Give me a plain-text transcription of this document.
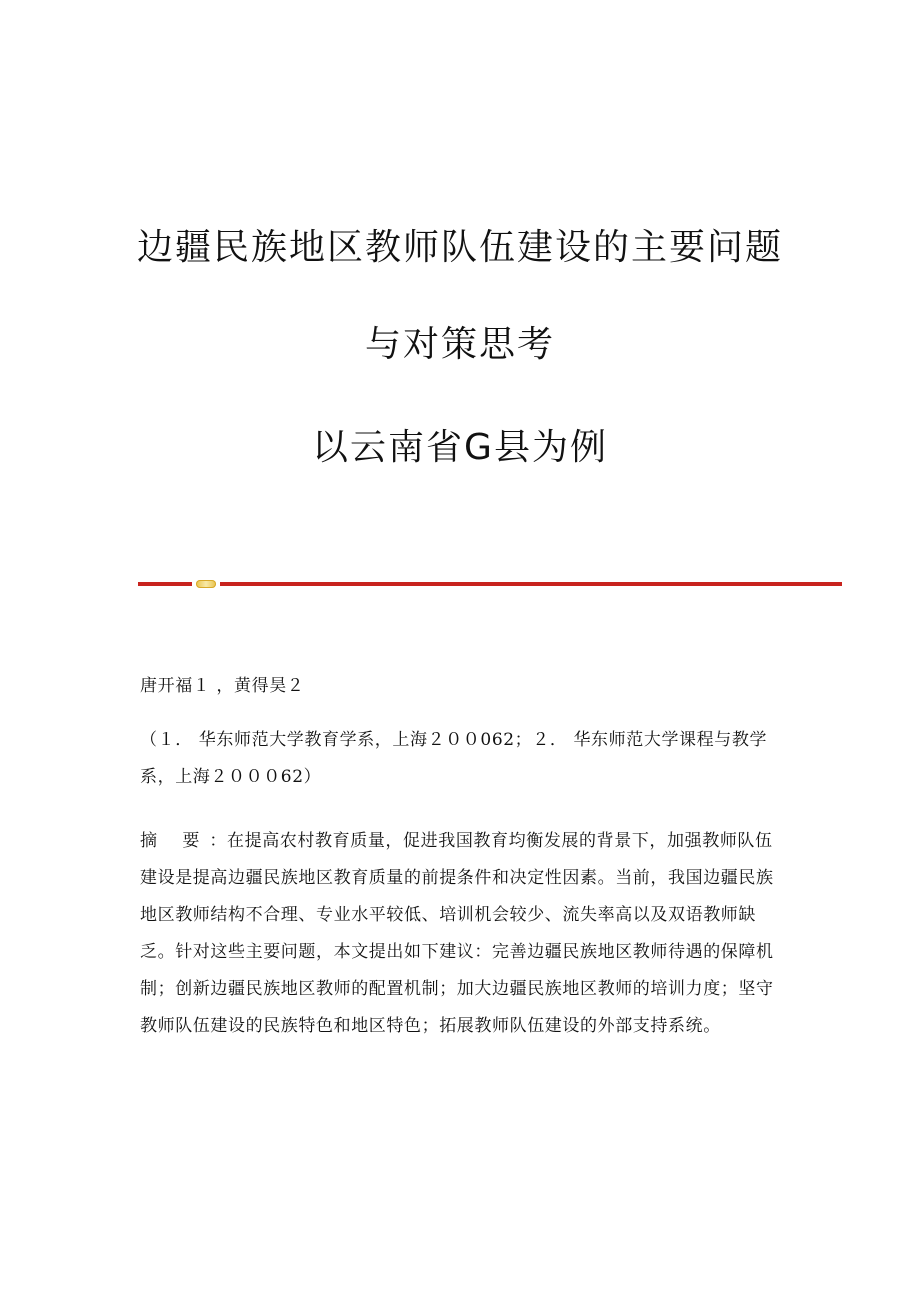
边疆民族地区教师队伍建设的主要问题
与对策思考
以云南省G县为例

唐开福１ ，黄得昊２

（１． 华东师范大学教育学系，上海２００062；２． 华东师范大学课程与教学系，上海２０００62）

摘 要：在提高农村教育质量，促进我国教育均衡发展的背景下，加强教师队伍建设是提高边疆民族地区教育质量的前提条件和决定性因素。当前，我国边疆民族地区教师结构不合理、专业水平较低、培训机会较少、流失率高以及双语教师缺乏。针对这些主要问题，本文提出如下建议：完善边疆民族地区教师待遇的保障机制；创新边疆民族地区教师的配置机制；加大边疆民族地区教师的培训力度；坚守教师队伍建设的民族特色和地区特色；拓展教师队伍建设的外部支持系统。
